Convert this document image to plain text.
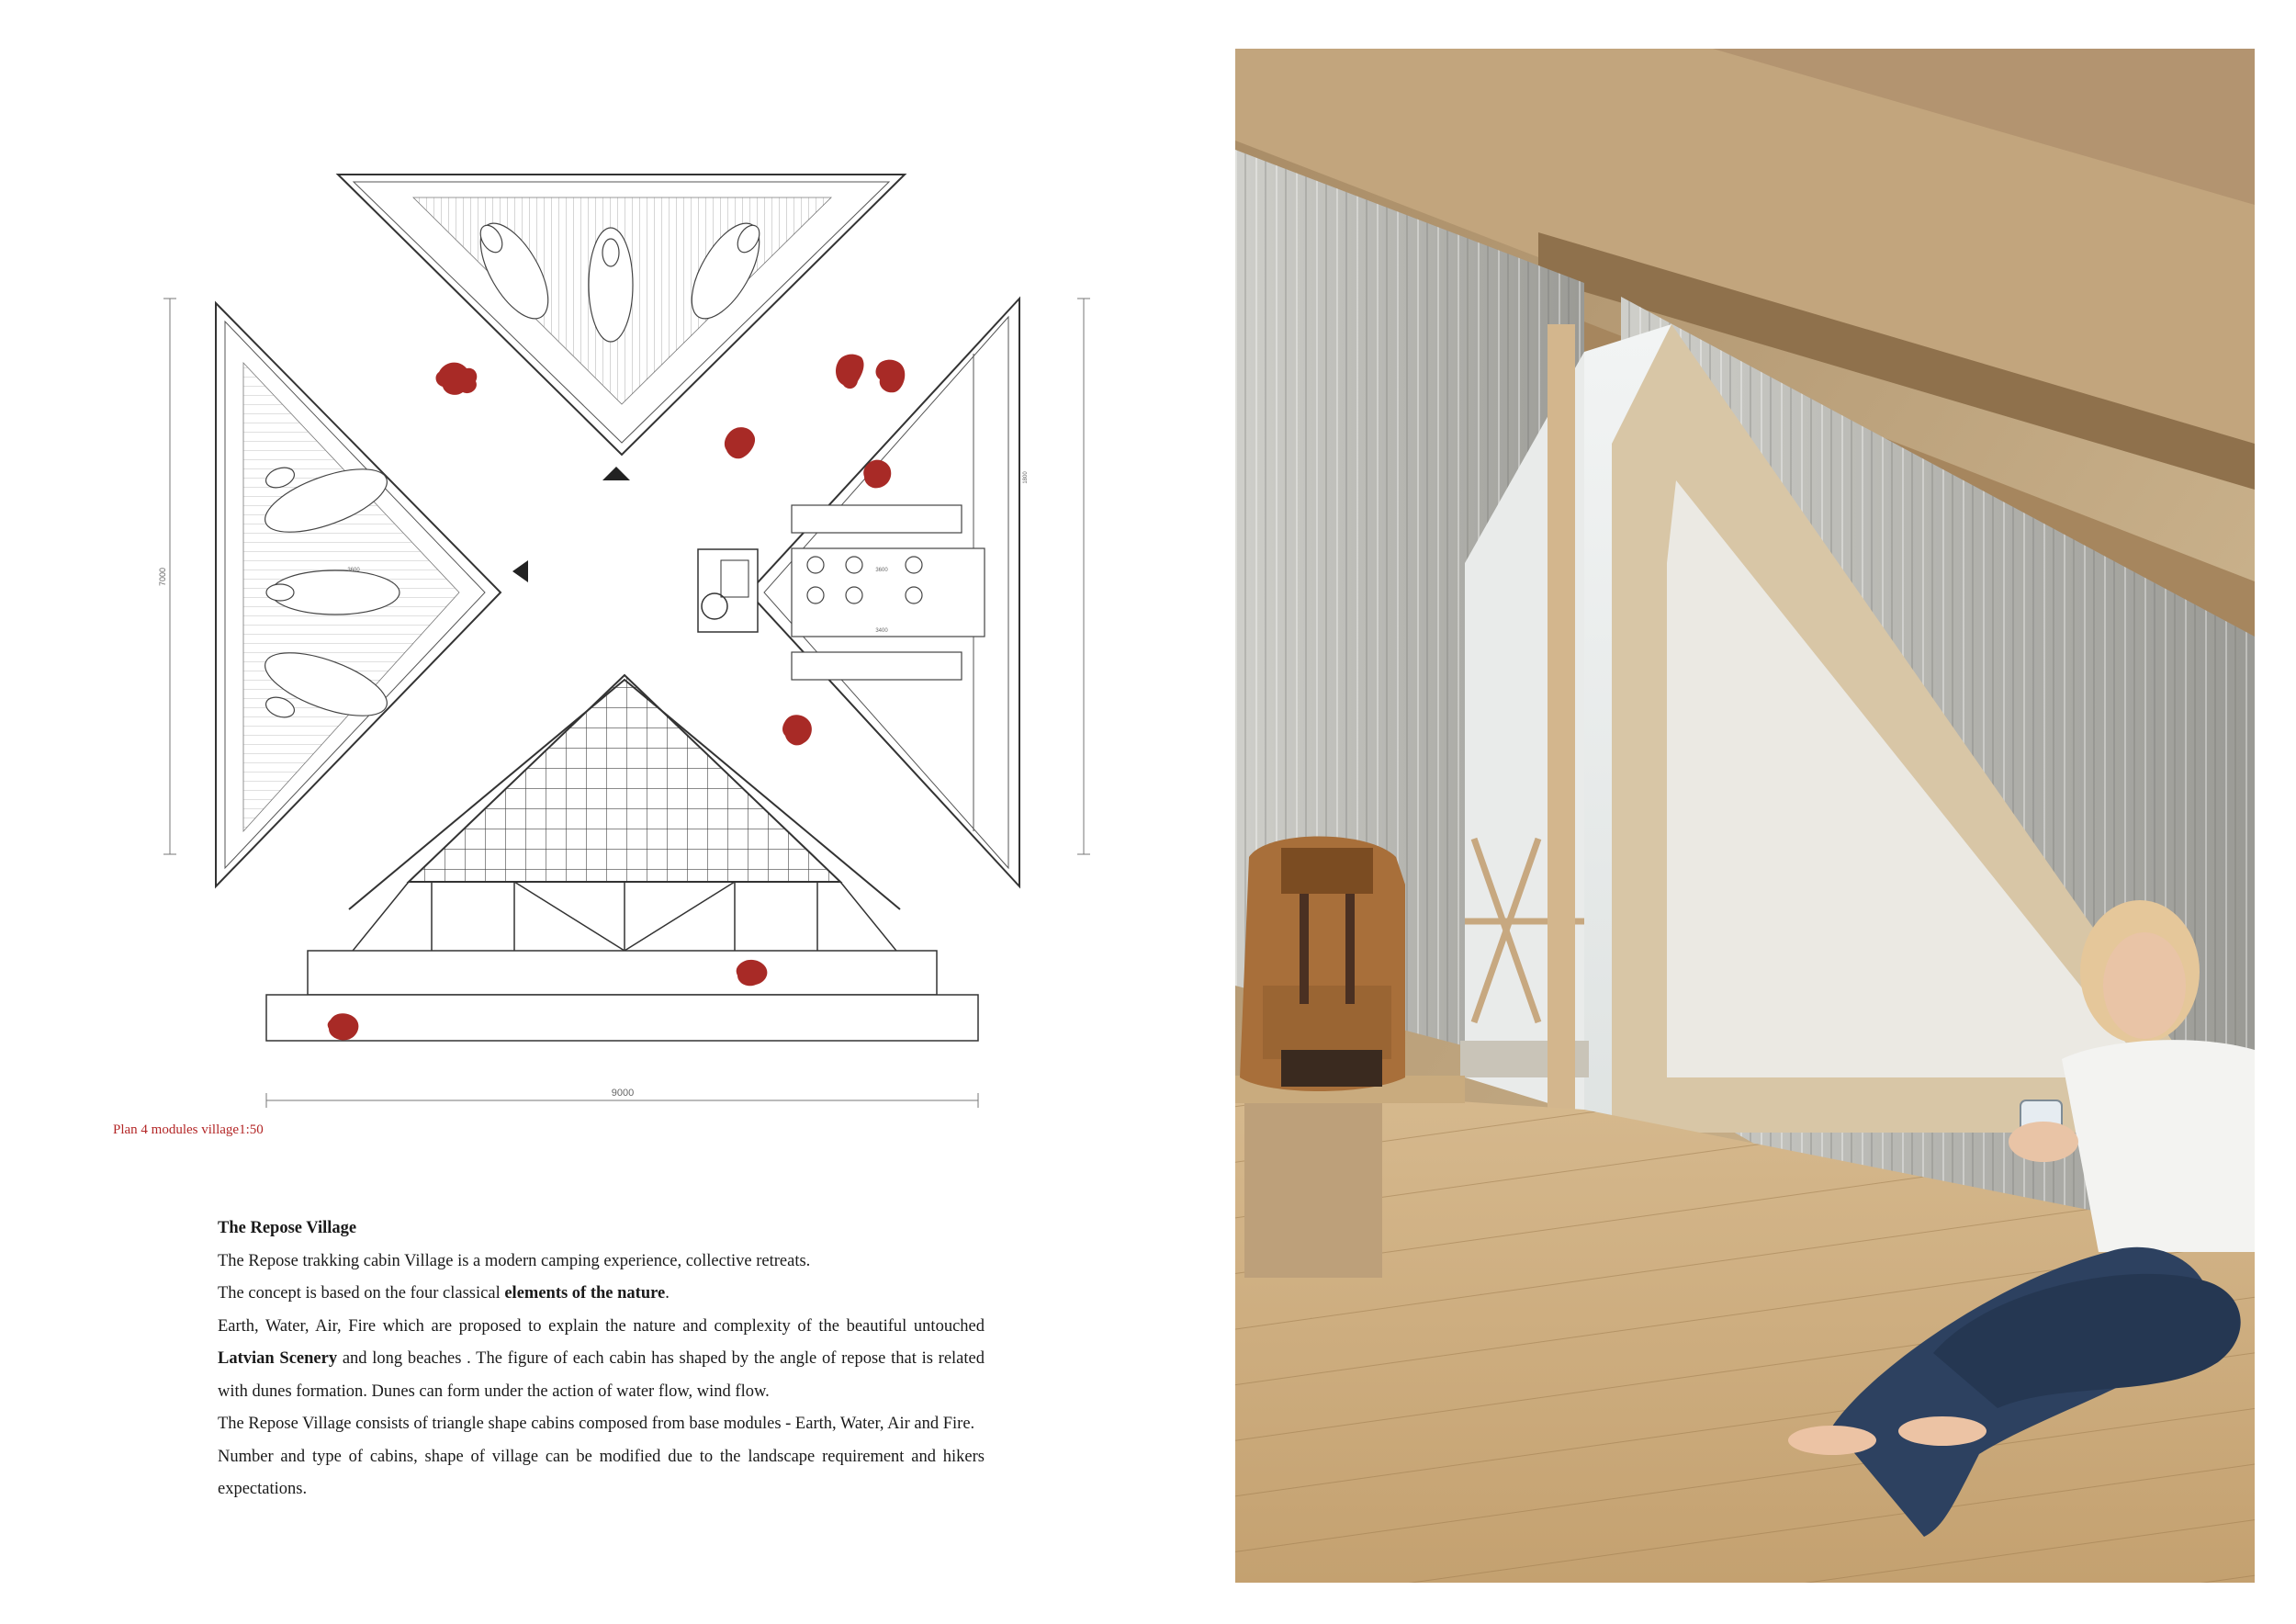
9000
7000	3600	3600
3400
1800
Plan 4 modules village1:50

The Repose Village

The Repose trakking cabin Village is a modern camping experience, collective retreats.

The concept is based on the four classical elements of the nature.

Earth, Water, Air, Fire which are proposed to explain the nature and complexity of the beautiful untouched Latvian Scenery and long beaches . The figure of each cabin has shaped by the angle of repose that is related with dunes formation. Dunes can form under the action of water flow, wind flow.

The Repose Village consists of triangle shape cabins composed from base modules - Earth, Water, Air and Fire.

Number and type of cabins, shape of village can be modified due to the landscape requirement and hikers expectations.
